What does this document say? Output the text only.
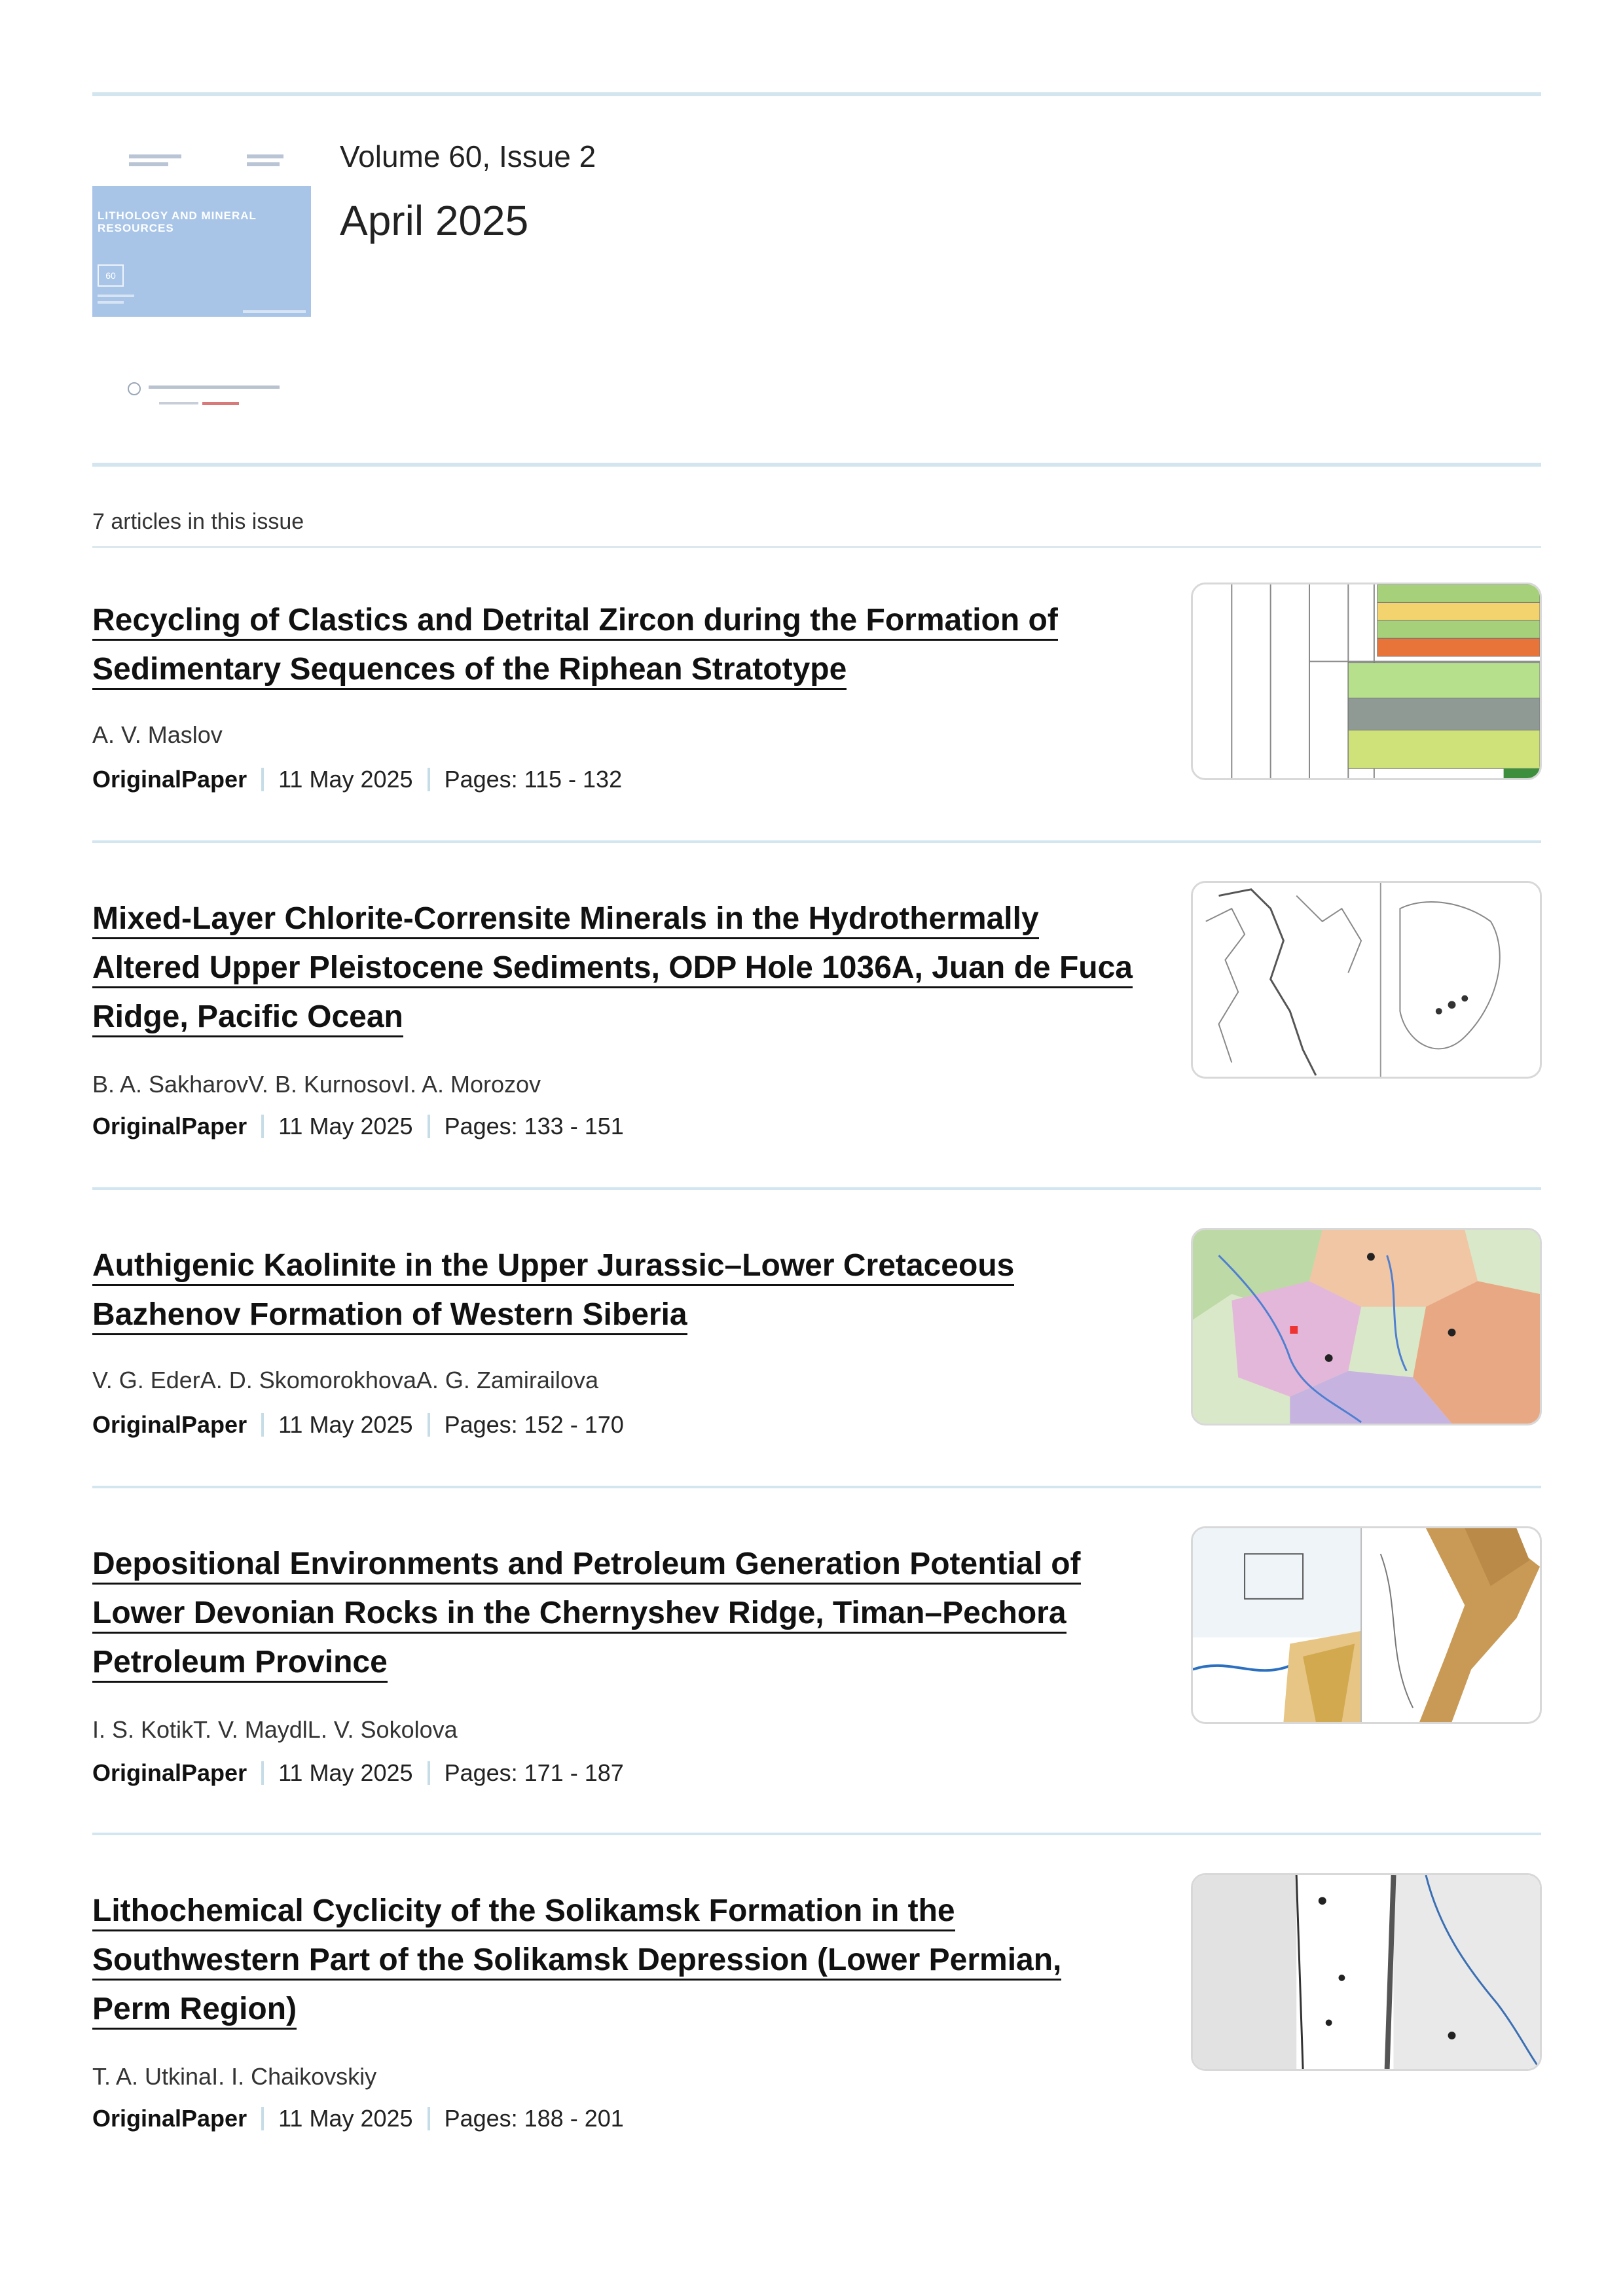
LITHOLOGY AND MINERAL RESOURCES
60
Volume 60, Issue 2
April 2025
7 articles in this issue
Recycling of Clastics and Detrital Zircon during the Formation of Sedimentary Sequences of the Riphean Stratotype
A. V. Maslov
OriginalPaper 11 May 2025 Pages: 115 - 132
Mixed-Layer Chlorite-Corrensite Minerals in the Hydrothermally Altered Upper Pleistocene Sediments, ODP Hole 1036A, Juan de Fuca Ridge, Pacific Ocean
B. A. SakharovV. B. KurnosovI. A. Morozov
OriginalPaper 11 May 2025 Pages: 133 - 151
Authigenic Kaolinite in the Upper Jurassic–Lower Cretaceous Bazhenov Formation of Western Siberia
V. G. EderA. D. SkomorokhovaA. G. Zamirailova
OriginalPaper 11 May 2025 Pages: 152 - 170
Depositional Environments and Petroleum Generation Potential of Lower Devonian Rocks in the Chernyshev Ridge, Timan–Pechora Petroleum Province
I. S. KotikT. V. MaydlL. V. Sokolova
OriginalPaper 11 May 2025 Pages: 171 - 187
Lithochemical Cyclicity of the Solikamsk Formation in the Southwestern Part of the Solikamsk Depression (Lower Permian, Perm Region)
T. A. UtkinaI. I. Chaikovskiy
OriginalPaper 11 May 2025 Pages: 188 - 201
